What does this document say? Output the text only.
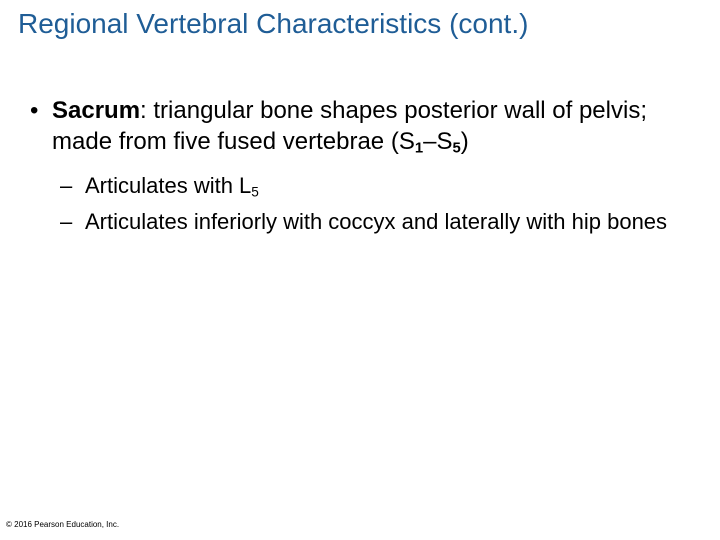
Regional Vertebral Characteristics (cont.)
• Sacrum: triangular bone shapes posterior wall of pelvis; made from five fused vertebrae $(S_1-S_5)$
– Articulates with $L_5$
– Articulates inferiorly with coccyx and laterally with hip bones
© 2016 Pearson Education, Inc.
